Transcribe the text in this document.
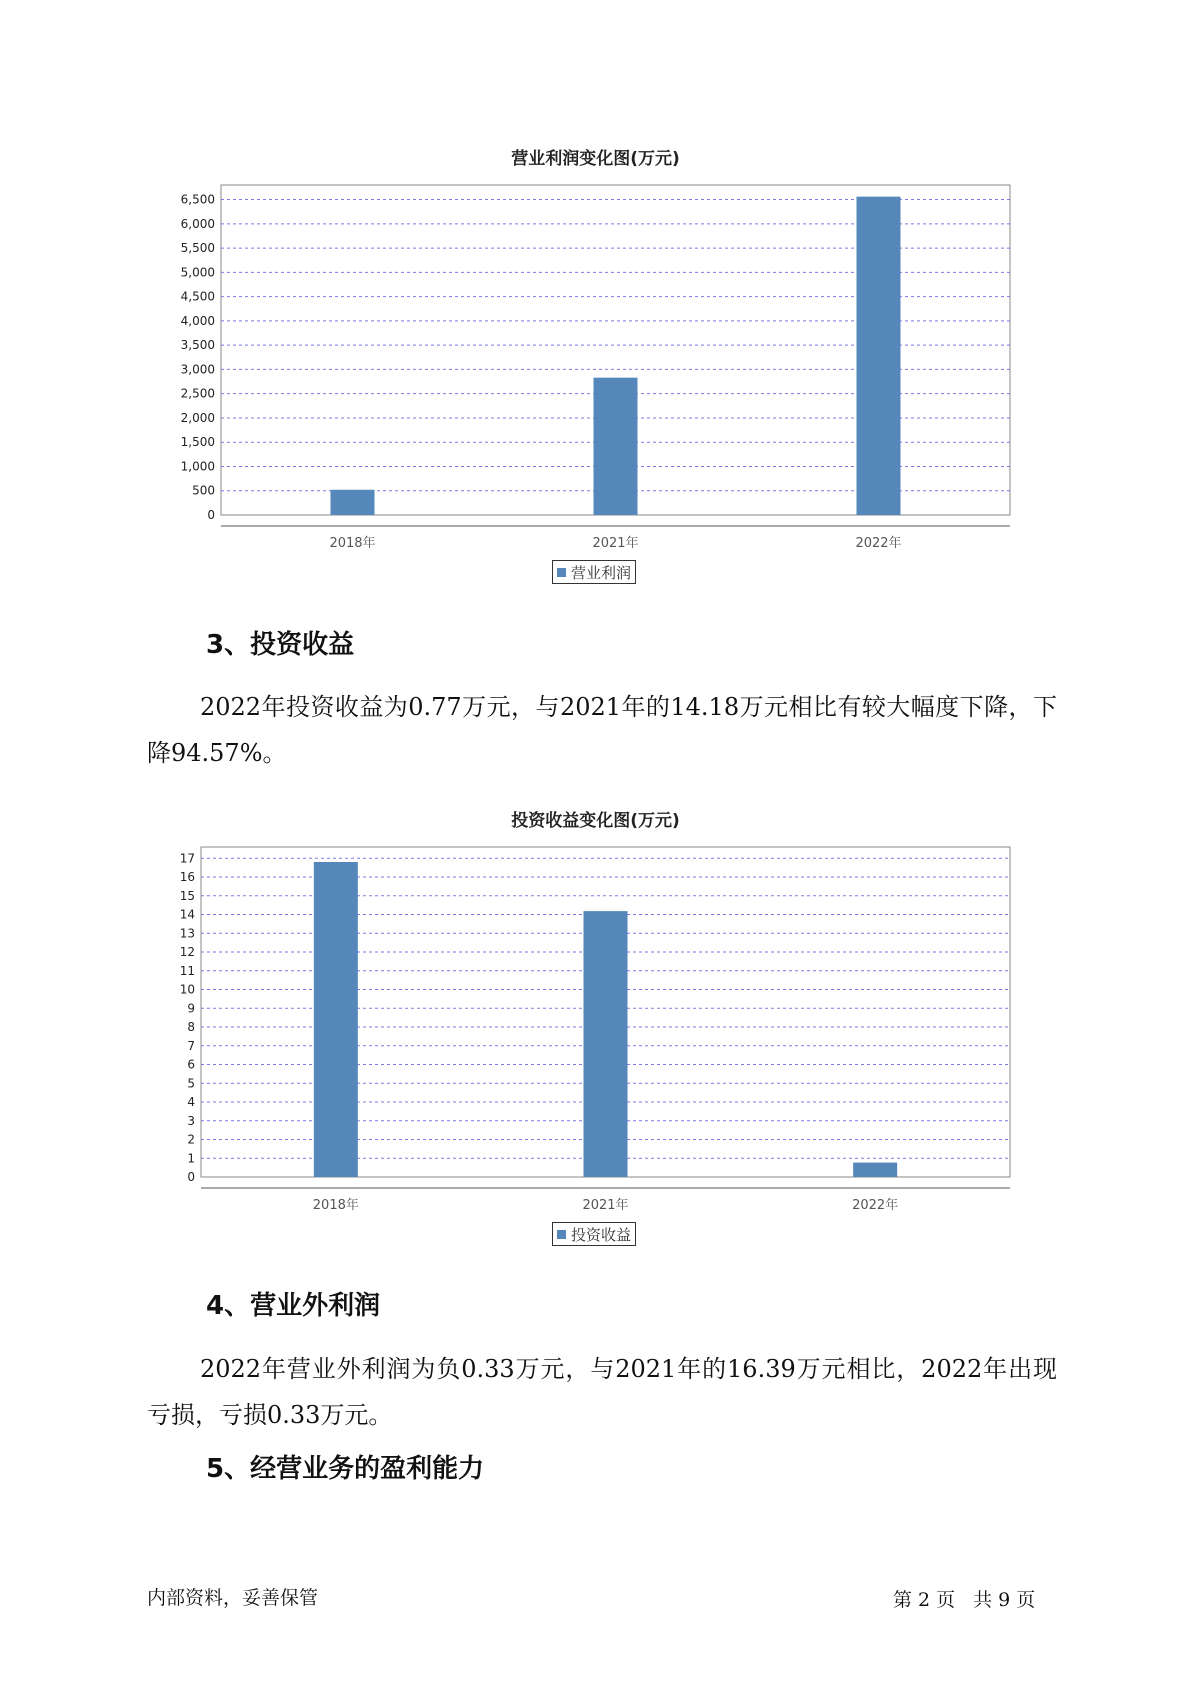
营业利润变化图(万元)
0
500
1,000
1,500
2,000
2,500
3,000
3,500
4,000
4,500
5,000
5,500
6,000
6,500
2018年	2021年	2022年
营业利润
3、投资收益

2022年投资收益为0.77万元，与2021年的14.18万元相比有较大幅度下降，下降94.57%。

投资收益变化图(万元)
0
1
2
3
4
5
6
7
8
9
10
11
12
13
14
15
16
17
2018年	2021年	2022年
投资收益
4、营业外利润

2022年营业外利润为负0.33万元，与2021年的16.39万元相比，2022年出现亏损，亏损0.33万元。

5、经营业务的盈利能力
内部资料，妥善保管	第 2 页 共 9 页
